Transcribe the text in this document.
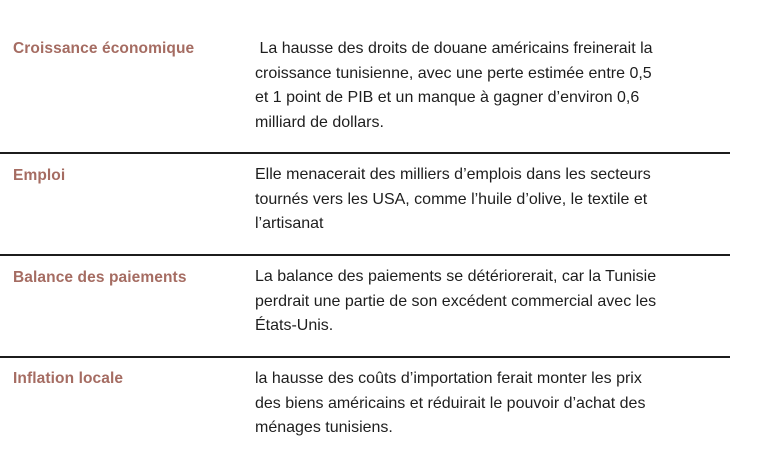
Croissance économique	La hausse des droits de douane américains freinerait la
croissance tunisienne, avec une perte estimée entre 0,5
et 1 point de PIB et un manque à gagner d’environ 0,6
milliard de dollars.
Emploi	Elle menacerait des milliers d’emplois dans les secteurs
tournés vers les USA, comme l’huile d’olive, le textile et
l’artisanat
Balance des paiements	La balance des paiements se détériorerait, car la Tunisie
perdrait une partie de son excédent commercial avec les
États-Unis.
Inflation locale	la hausse des coûts d’importation ferait monter les prix
des biens américains et réduirait le pouvoir d’achat des
ménages tunisiens.
